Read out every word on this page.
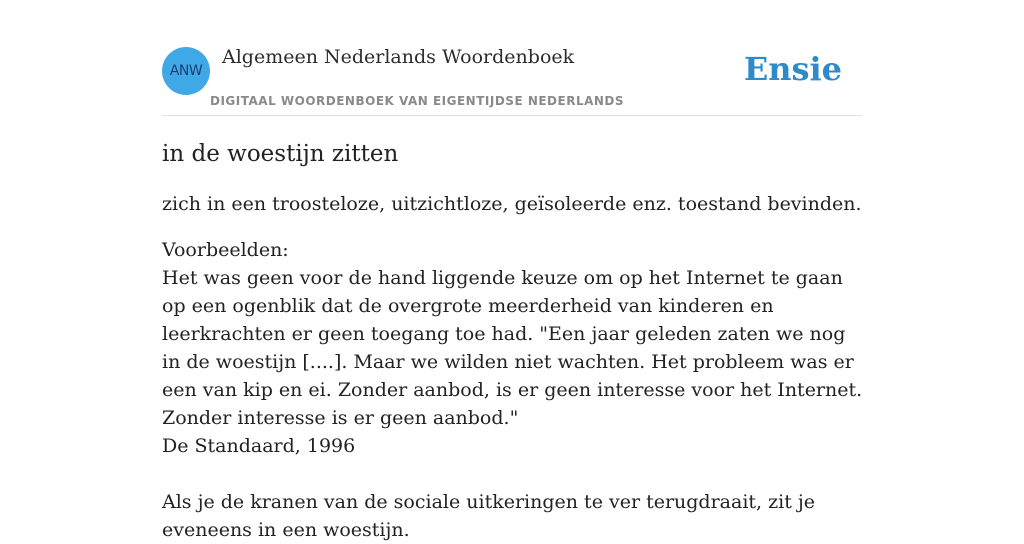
ANW
Algemeen Nederlands Woordenboek
DIGITAAL WOORDENBOEK VAN EIGENTIJDSE NEDERLANDS
Ensie
in de woestijn zitten

zich in een troosteloze, uitzichtloze, geïsoleerde enz. toestand bevinden.

Voorbeelden:

Het was geen voor de hand liggende keuze om op het Internet te gaan op een ogenblik dat de overgrote meerderheid van kinderen en leerkrachten er geen toegang toe had. "Een jaar geleden zaten we nog in de woestijn [....]. Maar we wilden niet wachten. Het probleem was er een van kip en ei. Zonder aanbod, is er geen interesse voor het Internet. Zonder interesse is er geen aanbod."

De Standaard, 1996

Als je de kranen van de sociale uitkeringen te ver terugdraait, zit je eveneens in een woestijn.
